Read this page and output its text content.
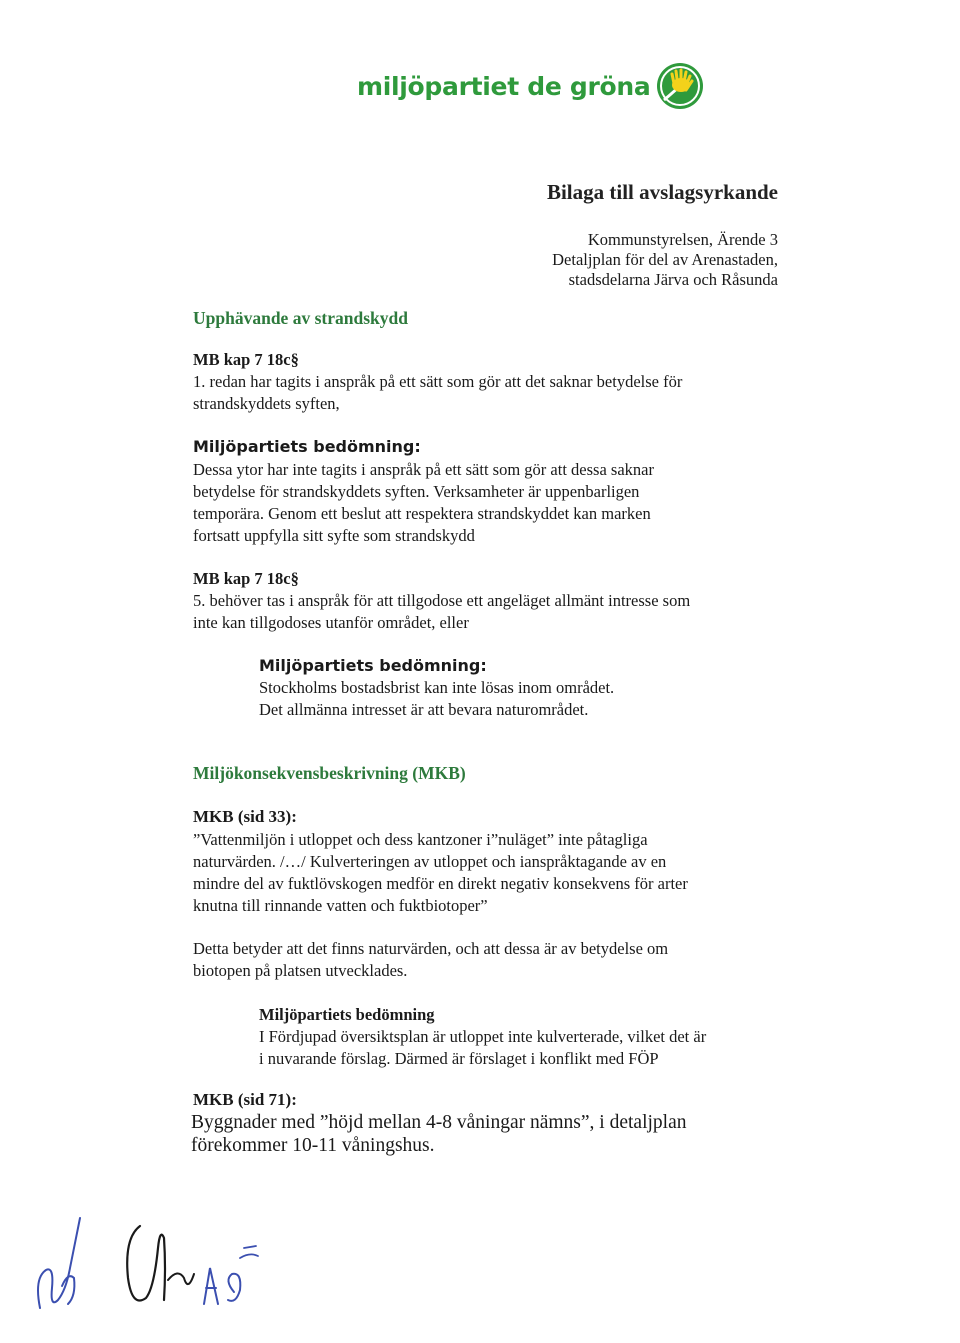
miljöpartiet de gröna
Bilaga till avslagsyrkande
Kommunstyrelsen, Ärende 3
Detaljplan för del av Arenastaden,
stadsdelarna Järva och Råsunda
Upphävande av strandskydd
MB kap 7 18c§
1. redan har tagits i anspråk på ett sätt som gör att det saknar betydelse för
strandskyddets syften,
Miljöpartiets bedömning:
Dessa ytor har inte tagits i anspråk på ett sätt som gör att dessa saknar
betydelse för strandskyddets syften. Verksamheter är uppenbarligen
temporära. Genom ett beslut att respektera strandskyddet kan marken
fortsatt uppfylla sitt syfte som strandskydd
MB kap 7 18c§
5. behöver tas i anspråk för att tillgodose ett angeläget allmänt intresse som
inte kan tillgodoses utanför området, eller
Miljöpartiets bedömning:
Stockholms bostadsbrist kan inte lösas inom området.
Det allmänna intresset är att bevara naturområdet.
Miljökonsekvensbeskrivning (MKB)
MKB (sid 33):
”Vattenmiljön i utloppet och dess kantzoner i”nuläget” inte påtagliga
naturvärden. /…/ Kulverteringen av utloppet och ianspråktagande av en
mindre del av fuktlövskogen medför en direkt negativ konsekvens för arter
knutna till rinnande vatten och fuktbiotoper”
Detta betyder att det finns naturvärden, och att dessa är av betydelse om
biotopen på platsen utvecklades.
Miljöpartiets bedömning
I Fördjupad översiktsplan är utloppet inte kulverterade, vilket det är
i nuvarande förslag. Därmed är förslaget i konflikt med FÖP
MKB (sid 71):
Byggnader med ”höjd mellan 4-8 våningar nämns”, i detaljplan
förekommer 10-11 våningshus.
